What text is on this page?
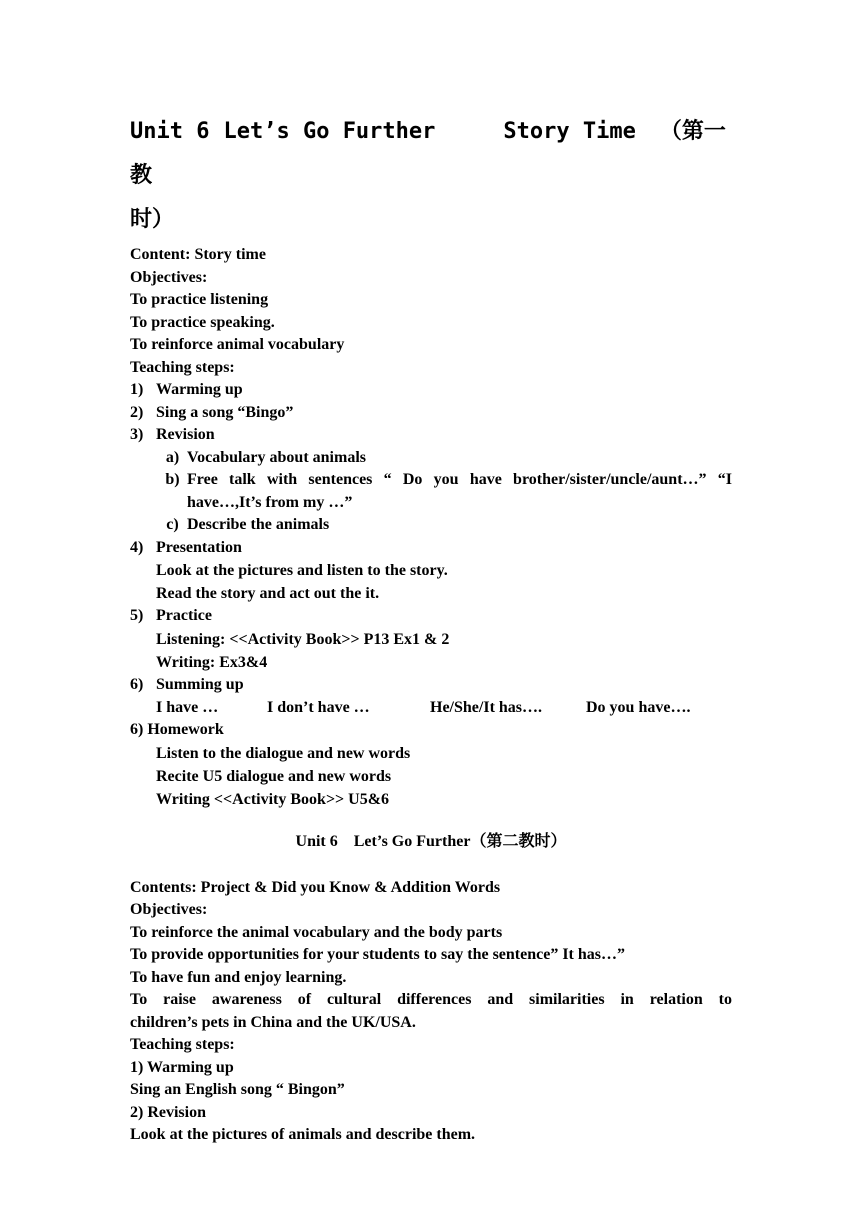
Unit 6 Let’s Go Further	Story Time （第一教
时）
Content: Story time
Objectives:
To practice listening
To practice speaking.
To reinforce animal vocabulary
Teaching steps:
1) Warming up
2) Sing a song “Bingo”
3) Revision
a) Vocabulary about animals
b) Free talk with sentences “ Do you have brother/sister/uncle/aunt…” “I
have…,It’s from my …”
c) Describe the animals
4) Presentation
Look at the pictures and listen to the story.
Read the story and act out the it.
5) Practice
Listening: <<Activity Book>> P13 Ex1 & 2
Writing: Ex3&4
6) Summing up
I have …	I don’t have …	He/She/It has….	Do you have….
6) Homework
Listen to the dialogue and new words
Recite U5 dialogue and new words
Writing <<Activity Book>> U5&6
Unit 6　Let’s Go Further（第二教时）
Contents: Project & Did you Know & Addition Words
Objectives:
To reinforce the animal vocabulary and the body parts
To provide opportunities for your students to say the sentence” It has…”
To have fun and enjoy learning.
To raise awareness of cultural differences and similarities in relation to
children’s pets in China and the UK/USA.
Teaching steps:
1) Warming up
Sing an English song “ Bingon”
2) Revision
Look at the pictures of animals and describe them.
